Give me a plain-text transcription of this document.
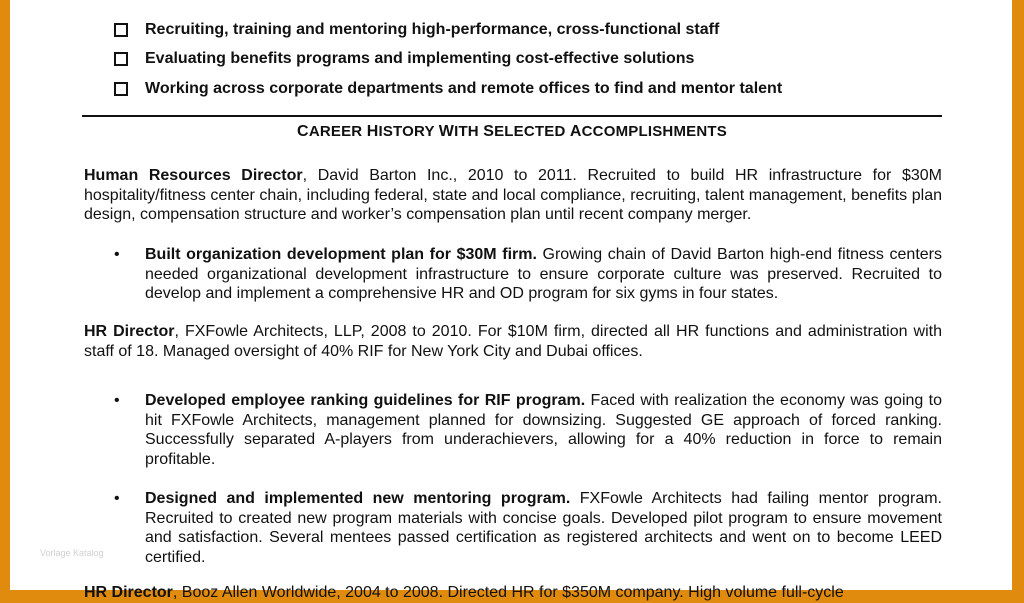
Recruiting, training and mentoring high-performance, cross-functional staff
Evaluating benefits programs and implementing cost-effective solutions
Working across corporate departments and remote offices to find and mentor talent
CAREER HISTORY WITH SELECTED ACCOMPLISHMENTS

Human Resources Director, David Barton Inc., 2010 to 2011. Recruited to build HR infrastructure for $30M hospitality/fitness center chain, including federal, state and local compliance, recruiting, talent management, benefits plan design, compensation structure and worker’s compensation plan until recent company merger.

• Built organization development plan for $30M firm. Growing chain of David Barton high-end fitness centers needed organizational development infrastructure to ensure corporate culture was preserved. Recruited to develop and implement a comprehensive HR and OD program for six gyms in four states.

HR Director, FXFowle Architects, LLP, 2008 to 2010. For $10M firm, directed all HR functions and administration with staff of 18. Managed oversight of 40% RIF for New York City and Dubai offices.

• Developed employee ranking guidelines for RIF program. Faced with realization the economy was going to hit FXFowle Architects, management planned for downsizing. Suggested GE approach of forced ranking. Successfully separated A-players from underachievers, allowing for a 40% reduction in force to remain profitable.
• Designed and implemented new mentoring program. FXFowle Architects had failing mentor program. Recruited to created new program materials with concise goals. Developed pilot program to ensure movement and satisfaction. Several mentees passed certification as registered architects and went on to become LEED certified.

HR Director, Booz Allen Worldwide, 2004 to 2008. Directed HR for $350M company. High volume full-cycle

Vorlage Katalog
